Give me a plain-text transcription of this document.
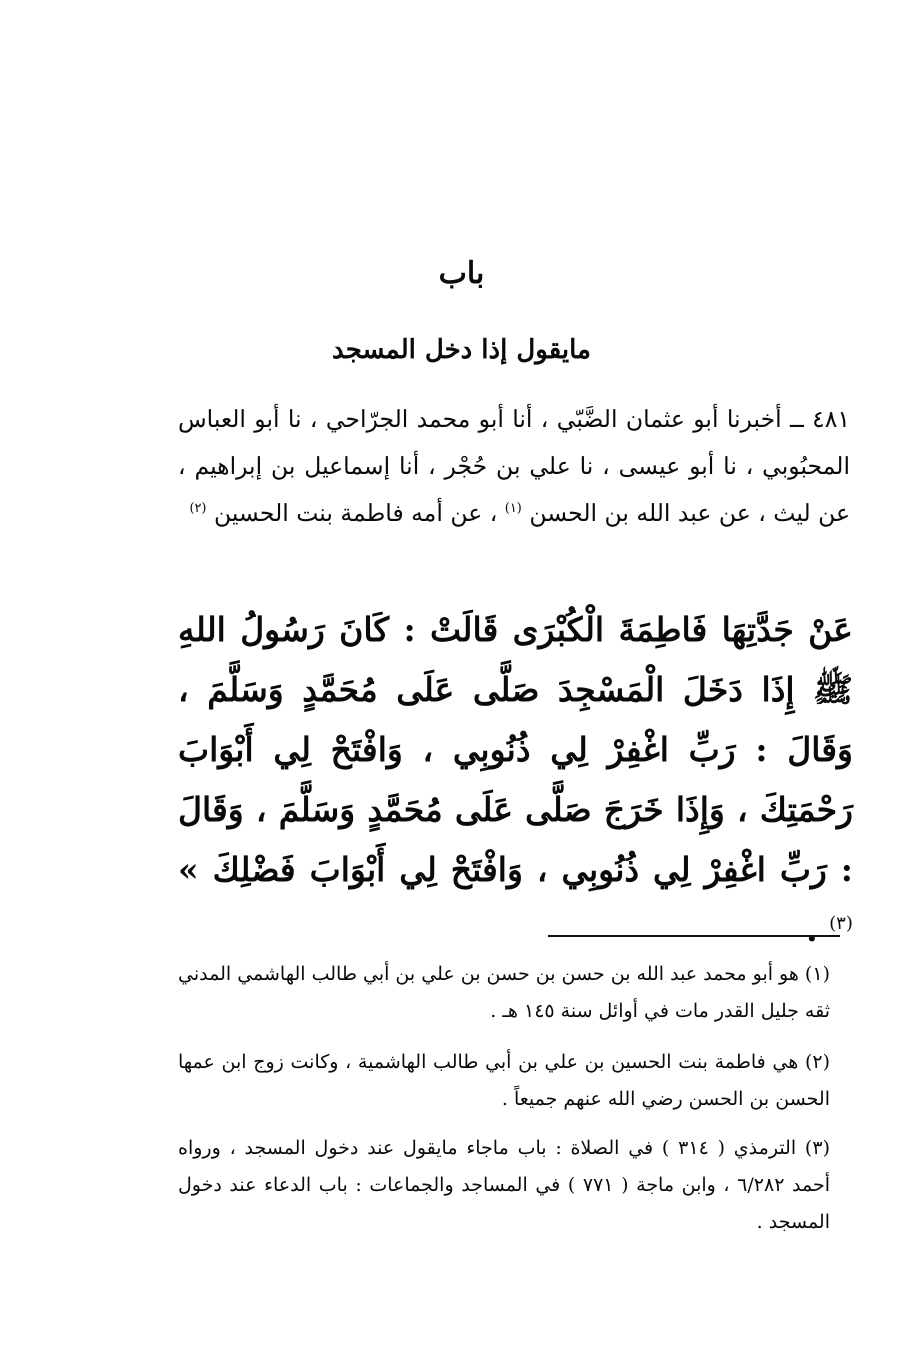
باب
مايقول إذا دخل المسجد
٤٨١ ــ أخبرنا أبو عثمان الضَّبّي ، أنا أبو محمد الجرّاحي ، نا أبو العباس المحبُوبي ، نا أبو عيسى ، نا علي بن حُجْر ، أنا إسماعيل بن إبراهيم ، عن ليث ، عن عبد الله بن الحسن $^{(١)}$ ، عن أمه فاطمة بنت الحسين $^{(٢)}$
عَنْ جَدَّتِهَا فَاطِمَةَ الْكُبْرَى قَالَتْ : كَانَ رَسُولُ اللهِ ﷺ إِذَا دَخَلَ الْمَسْجِدَ صَلَّى عَلَى مُحَمَّدٍ وَسَلَّمَ ، وَقَالَ : رَبِّ اغْفِرْ لِي ذُنُوبِي ، وَافْتَحْ لِي أَبْوَابَ رَحْمَتِكَ ، وَإِذَا خَرَجَ صَلَّى عَلَى مُحَمَّدٍ وَسَلَّمَ ، وَقَالَ : رَبِّ اغْفِرْ لِي ذُنُوبِي ، وَافْتَحْ لِي أَبْوَابَ فَضْلِكَ » $^{(٣)}$ .
(١) هو أبو محمد عبد الله بن حسن بن حسن بن علي بن أبي طالب الهاشمي المدني ثقه جليل القدر مات في أوائل سنة ١٤٥ هـ .
(٢) هي فاطمة بنت الحسين بن علي بن أبي طالب الهاشمية ، وكانت زوج ابن عمها الحسن بن الحسن رضي الله عنهم جميعاً .
(٣) الترمذي ( ٣١٤ ) في الصلاة : باب ماجاء مايقول عند دخول المسجد ، ورواه أحمد ٦/٢٨٢ ، وابن ماجة ( ٧٧١ ) في المساجد والجماعات : باب الدعاء عند دخول المسجد .
